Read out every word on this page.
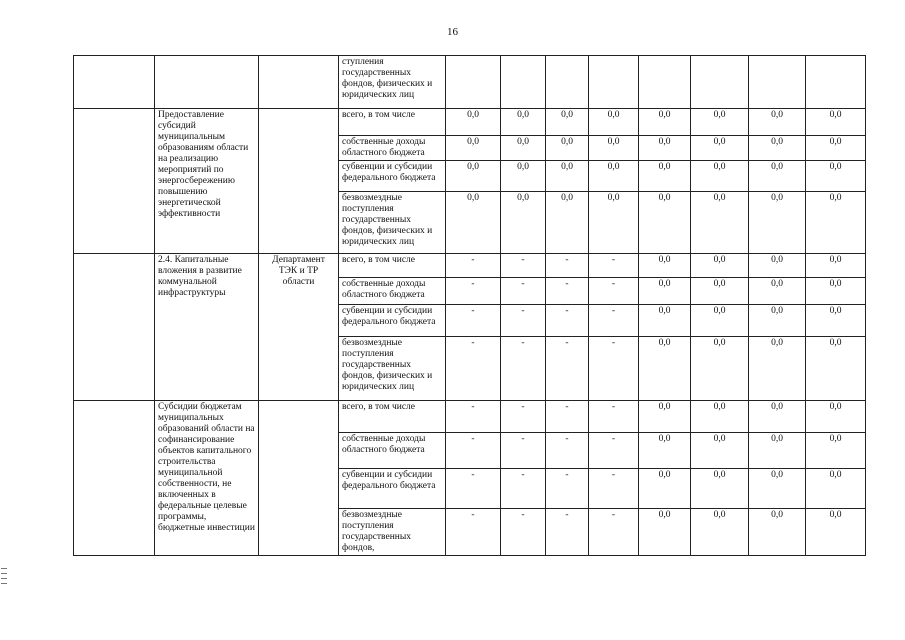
16
			ступления государственных фондов, физических и юридических лиц								
	Предоставление субсидий муниципальным образованиям области на реализацию мероприятий по энергосбережению повышению энергетической эффективности		всего, в том числе	0,0	0,0	0,0	0,0	0,0	0,0	0,0	0,0
			собственные доходы областного бюджета	0,0	0,0	0,0	0,0	0,0	0,0	0,0	0,0
			субвенции и субсидии федерального бюджета	0,0	0,0	0,0	0,0	0,0	0,0	0,0	0,0
			безвозмездные поступления государственных фондов, физических и юридических лиц	0,0	0,0	0,0	0,0	0,0	0,0	0,0	0,0
	2.4. Капитальные вложения в развитие коммунальной инфраструктуры	Департамент ТЭК и ТР области	всего, в том числе	-	-	-	-	0,0	0,0	0,0	0,0
			собственные доходы областного бюджета	-	-	-	-	0,0	0,0	0,0	0,0
			субвенции и субсидии федерального бюджета	-	-	-	-	0,0	0,0	0,0	0,0
			безвозмездные поступления государственных фондов, физических и юридических лиц	-	-	-	-	0,0	0,0	0,0	0,0
	Субсидии бюджетам муниципальных образований области на софинансирование объектов капитального строительства муниципальной собственности, не включенных в федеральные целевые программы, бюджетные инвестиции		всего, в том числе	-	-	-	-	0,0	0,0	0,0	0,0
			собственные доходы областного бюджета	-	-	-	-	0,0	0,0	0,0	0,0
			субвенции и субсидии федерального бюджета	-	-	-	-	0,0	0,0	0,0	0,0
			безвозмездные поступления государственных фондов,	-	-	-	-	0,0	0,0	0,0	0,0
